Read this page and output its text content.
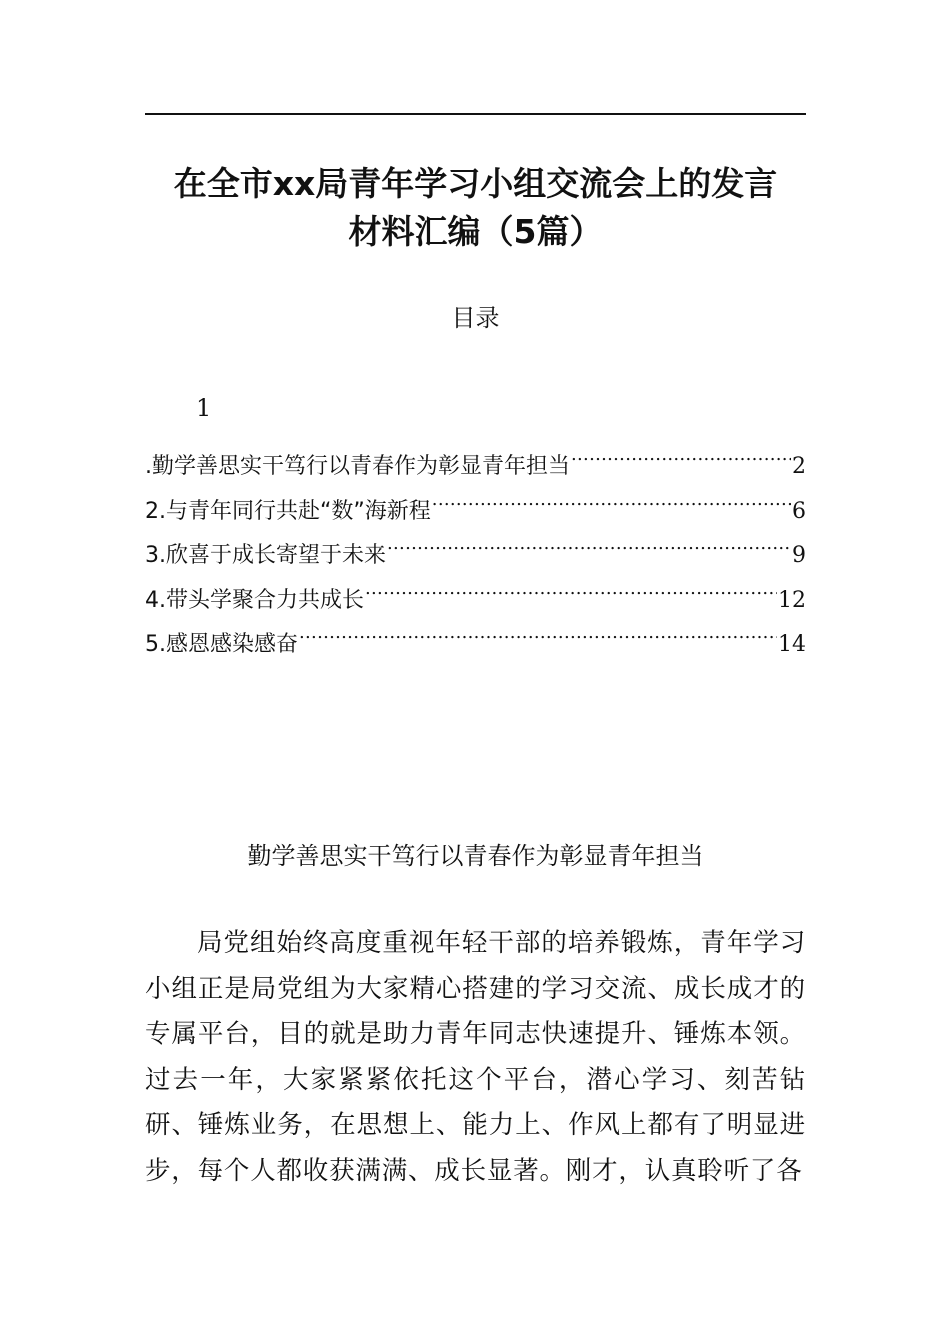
在全市xx局青年学习小组交流会上的发言
材料汇编（5篇）
目录
1
.勤学善思实干笃行以青春作为彰显青年担当 .....	2
2.与青年同行共赴“数”海新程 .....	6
3.欣喜于成长寄望于未来 .....	9
4.带头学聚合力共成长 .....	12
5.感恩感染感奋 .....	14
勤学善思实干笃行以青春作为彰显青年担当

局党组始终高度重视年轻干部的培养锻炼，青年学习小组正是局党组为大家精心搭建的学习交流、成长成才的专属平台，目的就是助力青年同志快速提升、锤炼本领。过去一年，大家紧紧依托这个平台，潜心学习、刻苦钻研、锤炼业务，在思想上、能力上、作风上都有了明显进步，每个人都收获满满、成长显著。刚才，认真聆听了各
